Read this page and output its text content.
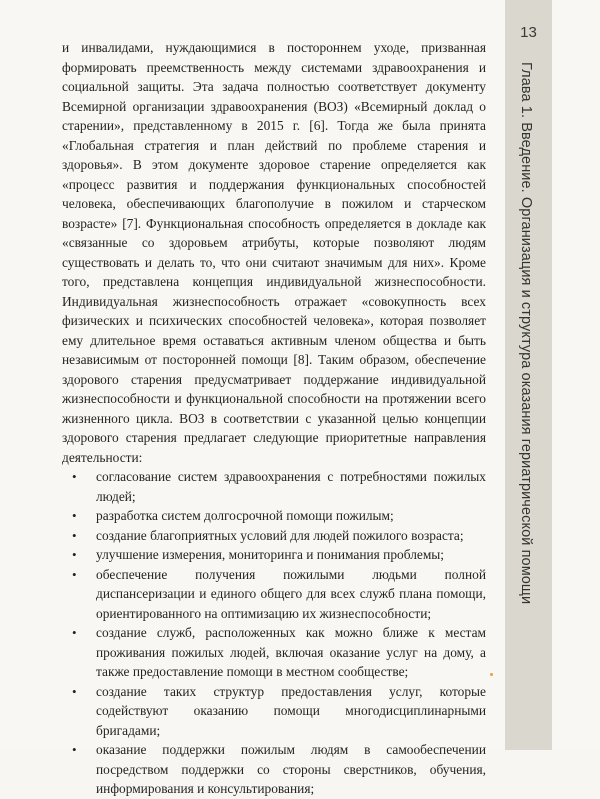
13
Глава 1. Введение. Организация и структура оказания гериатрической помощи

и инвалидами, нуждающимися в постороннем уходе, призванная формировать преемственность между системами здравоохранения и социальной защиты. Эта задача полностью соответствует документу Всемирной организации здравоохранения (ВОЗ) «Всемирный доклад о старении», представленному в 2015 г. [6]. Тогда же была принята «Глобальная стратегия и план действий по проблеме старения и здоровья». В этом документе здоровое старение определяется как «процесс развития и поддержания функциональных способностей человека, обеспечивающих благополучие в пожилом и старческом возрасте» [7]. Функциональная способность определяется в докладе как «связанные со здоровьем атрибуты, которые позволяют людям существовать и делать то, что они считают значимым для них». Кроме того, представлена концепция индивидуальной жизнеспособности. Индивидуальная жизнеспособность отражает «совокупность всех физических и психических способностей человека», которая позволяет ему длительное время оставаться активным членом общества и быть независимым от посторонней помощи [8]. Таким образом, обеспечение здорового старения предусматривает поддержание индивидуальной жизнеспособности и функциональной способности на протяжении всего жизненного цикла. ВОЗ в соответствии с указанной целью концепции здорового старения предлагает следующие приоритетные направления деятельности:

• согласование систем здравоохранения с потребностями пожилых людей;
• разработка систем долгосрочной помощи пожилым;
• создание благоприятных условий для людей пожилого возраста;
• улучшение измерения, мониторинга и понимания проблемы;
• обеспечение получения пожилыми людьми полной диспансеризации и единого общего для всех служб плана помощи, ориентированного на оптимизацию их жизнеспособности;
• создание служб, расположенных как можно ближе к местам проживания пожилых людей, включая оказание услуг на дому, а также предоставление помощи в местном сообществе;
• создание таких структур предоставления услуг, которые содействуют оказанию помощи многодисциплинарными бригадами;
• оказание поддержки пожилым людям в самообеспечении посредством поддержки со стороны сверстников, обучения, информирования и консультирования;
